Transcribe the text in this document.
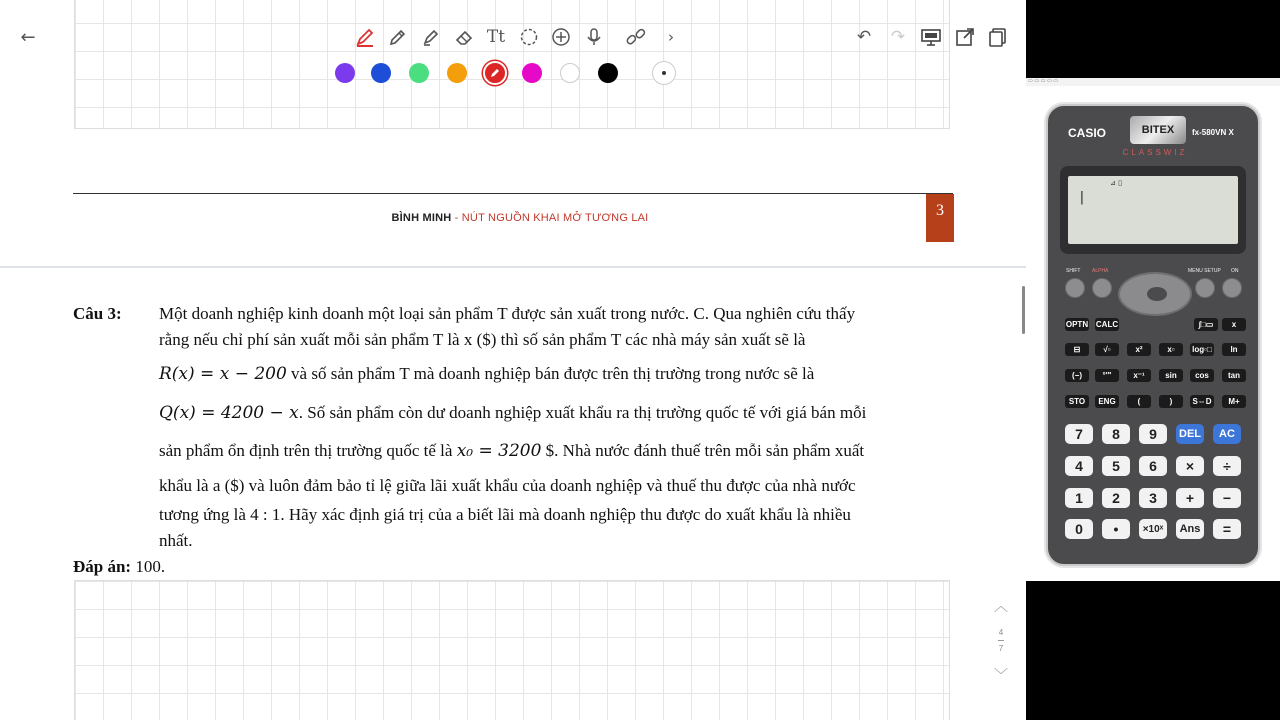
←	Tt	›	↶	↷
BÌNH MINH - NÚT NGUỒN KHAI MỞ TƯƠNG LAI	3
Câu 3: Một doanh nghiệp kinh doanh một loại sản phẩm T được sản xuất trong nước. C. Qua nghiên cứu thấy
rằng nếu chỉ phí sản xuất mỗi sản phẩm T là x ($) thì số sản phẩm T các nhà máy sản xuất sẽ là
R(x) = x − 200 và số sản phẩm T mà doanh nghiệp bán được trên thị trường trong nước sẽ là
Q(x) = 4200 − x. Số sản phẩm còn dư doanh nghiệp xuất khẩu ra thị trường quốc tế với giá bán mỗi
sản phẩm ổn định trên thị trường quốc tế là x₀ = 3200 $. Nhà nước đánh thuế trên mỗi sản phẩm xuất
khẩu là a ($) và luôn đảm bảo tỉ lệ giữa lãi xuất khẩu của doanh nghiệp và thuế thu được của nhà nước
tương ứng là 4 : 1. Hãy xác định giá trị của a biết lãi mà doanh nghiệp thu được do xuất khẩu là nhiều
nhất.
Đáp án: 100.
︿
4
7
﹀
▭ ▭ ▭ ▭ ▭
CASIO	BITEX	fx-580VN X
CLASSWIZ
⊿ ▯
|
SHIFT ALPHA	MENU SETUP ON
OPTN CALC	∫□▭	x
⊟	√▫	x²	x▫	log▫□	ln
(−)	°'"	x⁻¹	sin	cos	tan
STO	ENG	(	)	S⇔D	M+
7	8	9	DEL	AC
4	5	6	×	÷
1	2	3	+	−
0	•	×10ˣ	Ans	=
